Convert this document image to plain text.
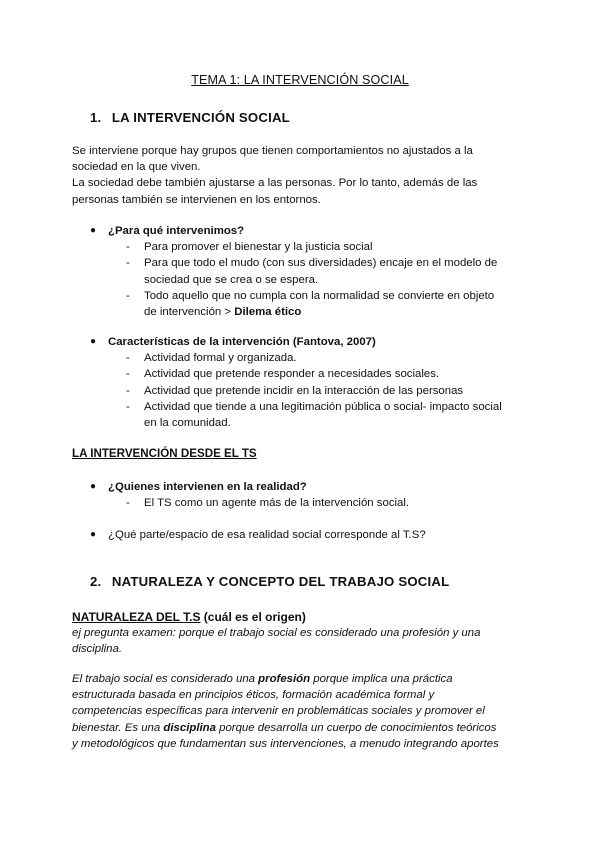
TEMA 1: LA INTERVENCIÓN SOCIAL
1. LA INTERVENCIÓN SOCIAL

Se interviene porque hay grupos que tienen comportamientos no ajustados a la

sociedad en la que viven.

La sociedad debe también ajustarse a las personas. Por lo tanto, además de las

personas también se intervienen en los entornos.

●	¿Para qué intervenimos?
- Para promover el bienestar y la justicia social
- Para que todo el mudo (con sus diversidades) encaje en el modelo de
sociedad que se crea o se espera.
- Todo aquello que no cumpla con la normalidad se convierte en objeto
de intervención > Dilema ético
●	Características de la intervención (Fantova, 2007)
- Actividad formal y organizada.
- Actividad que pretende responder a necesidades sociales.
- Actividad que pretende incidir en la interacción de las personas
- Actividad que tiende a una legitimación pública o social- impacto social
en la comunidad.
LA INTERVENCIÓN DESDE EL TS
●	¿Quienes intervienen en la realidad?
- El TS como un agente más de la intervención social.
●	¿Qué parte/espacio de esa realidad social corresponde al T.S?
2. NATURALEZA Y CONCEPTO DEL TRABAJO SOCIAL
NATURALEZA DEL T.S (cuál es el origen)

ej pregunta examen: porque el trabajo social es considerado una profesión y una

disciplina.

El trabajo social es considerado una profesión porque implica una práctica

estructurada basada en principios éticos, formación académica formal y

competencias específicas para intervenir en problemáticas sociales y promover el

bienestar. Es una disciplina porque desarrolla un cuerpo de conocimientos teóricos

y metodológicos que fundamentan sus intervenciones, a menudo integrando aportes
